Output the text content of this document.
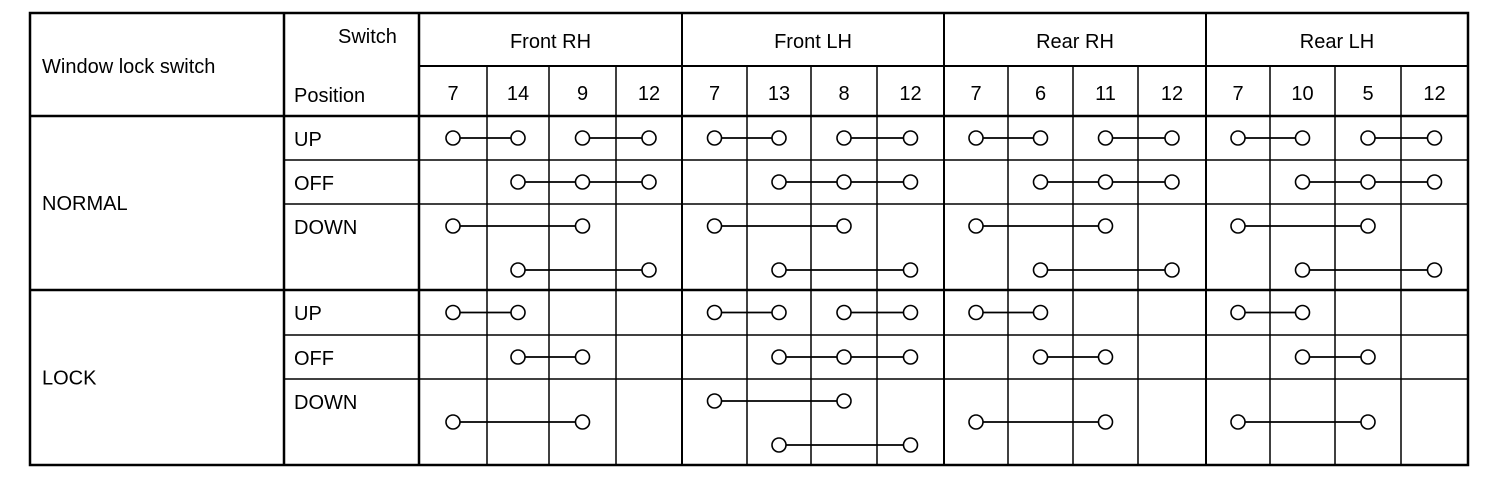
Window lock switch
Switch
Position
Front RH
7 14 9 12
Front LH
7 13 8 12
Rear RH
7	6 11 12
Rear LH
7 10 5 12
UP
OFF
DOWN
NORMAL
UP
OFF
DOWN
LOCK
